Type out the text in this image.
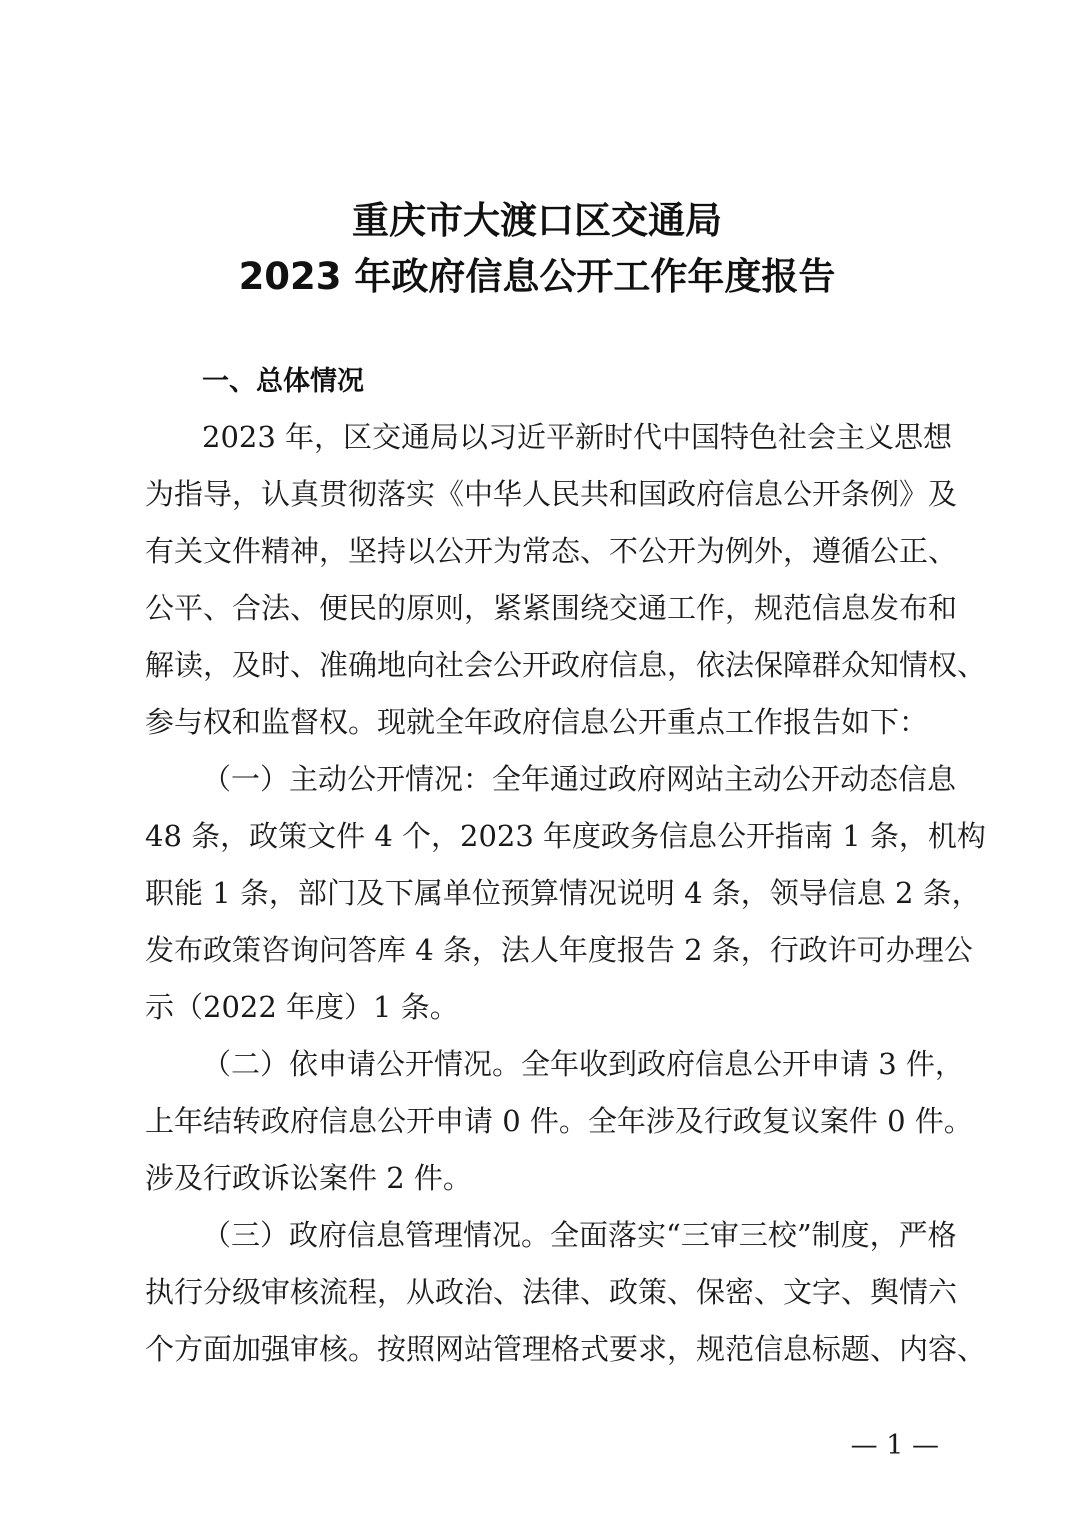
重庆市大渡口区交通局
2023 年政府信息公开工作年度报告
一、总体情况
2023 年，区交通局以习近平新时代中国特色社会主义思想
为指导，认真贯彻落实《中华人民共和国政府信息公开条例》及
有关文件精神，坚持以公开为常态、不公开为例外，遵循公正、
公平、合法、便民的原则，紧紧围绕交通工作，规范信息发布和
解读，及时、准确地向社会公开政府信息，依法保障群众知情权、
参与权和监督权。现就全年政府信息公开重点工作报告如下：
（一）主动公开情况：全年通过政府网站主动公开动态信息
48 条，政策文件 4 个，2023 年度政务信息公开指南 1 条，机构
职能 1 条，部门及下属单位预算情况说明 4 条，领导信息 2 条，
发布政策咨询问答库 4 条，法人年度报告 2 条，行政许可办理公
示（2022 年度）1 条。
（二）依申请公开情况。全年收到政府信息公开申请 3 件，
上年结转政府信息公开申请 0 件。全年涉及行政复议案件 0 件。
涉及行政诉讼案件 2 件。
（三）政府信息管理情况。全面落实“三审三校”制度，严格
执行分级审核流程，从政治、法律、政策、保密、文字、舆情六
个方面加强审核。按照网站管理格式要求，规范信息标题、内容、
— 1 —
